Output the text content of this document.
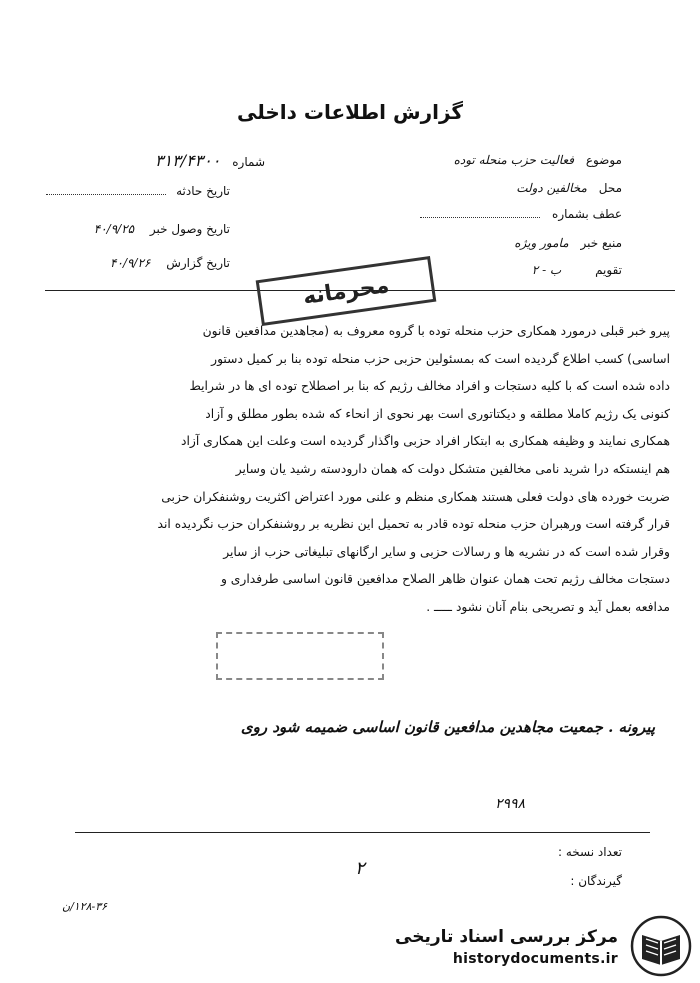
گزارش اطلاعات داخلی
موضوع فعالیت حزب منحله توده
محل مخالفین دولت
عطف بشماره
منبع خبر مامور ویژه
تقویم ب - ۲
شماره ۳۱۳/۴۳۰۰
تاریخ حادثه
تاریخ وصول خبر ۴۰/۹/۲۵
تاریخ گزارش ۴۰/۹/۲۶
محرمانه

پیرو خبر قبلی درمورد همکاری حزب منحله توده با گروه معروف به (مجاهدین مدافعین قانون

اساسی) کسب اطلاع گردیده است که بمسئولین حزبی حزب منحله توده بنا بر کمیل دستور

داده شده است که با کلیه دستجات و افراد مخالف رژیم که بنا بر اصطلاح توده ای ها در شرایط

کنونی یک رژیم کاملا مطلقه و دیکتاتوری است بهر نحوی از انحاء که شده بطور مطلق و آزاد

همکاری نمایند و وظیفه همکاری به ابتکار افراد حزبی واگذار گردیده است وعلت این همکاری آزاد

هم اینستکه درا شرید نامی مخالفین متشکل دولت که همان دارودسته رشید یان وسایر

ضربت خورده های دولت فعلی هستند همکاری منظم و علنی مورد اعتراض اکثریت روشنفکران حزبی

قرار گرفته است ورهبران حزب منحله توده قادر به تحمیل این نظریه بر روشنفکران حزب نگردیده اند

وقرار شده است که در نشریه ها و رسالات حزبی و سایر ارگانهای تبلیغاتی حزب از سایر

دستجات مخالف رژیم تحت همان عنوان ظاهر الصلاح مدافعین قانون اساسی طرفداری و

مدافعه بعمل آید و تصریحی بنام آنان نشود ـــــ .

پیرونه . جمعیت مجاهدین مدافعین قانون اساسی ضمیمه شود روی
۲۹۹۸
تعداد نسخه :
گیرندگان :
۲
۱۲۸-۳۶/ن
مرکز بررسی اسناد تاریخی
historydocuments.ir
